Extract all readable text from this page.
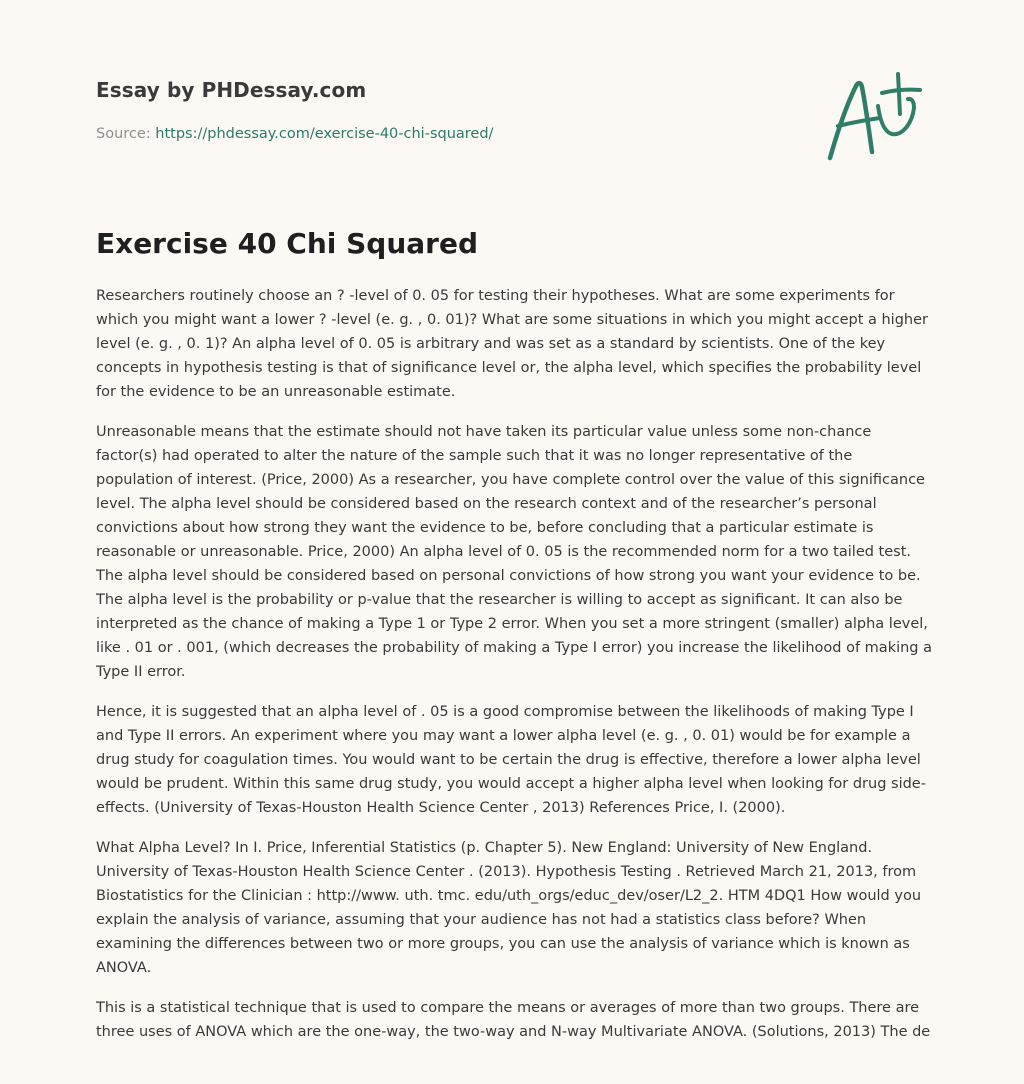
Essay by PHDessay.com
Source: https://phdessay.com/exercise-40-chi-squared/
Exercise 40 Chi Squared

Researchers routinely choose an ? -level of 0. 05 for testing their hypotheses. What are some experiments for which you might want a lower ? -level (e. g. , 0. 01)? What are some situations in which you might accept a higher level (e. g. , 0. 1)? An alpha level of 0. 05 is arbitrary and was set as a standard by scientists. One of the key concepts in hypothesis testing is that of significance level or, the alpha level, which specifies the probability level for the evidence to be an unreasonable estimate.

Unreasonable means that the estimate should not have taken its particular value unless some non-chance factor(s) had operated to alter the nature of the sample such that it was no longer representative of the population of interest. (Price, 2000) As a researcher, you have complete control over the value of this significance level. The alpha level should be considered based on the research context and of the researcher’s personal convictions about how strong they want the evidence to be, before concluding that a particular estimate is reasonable or unreasonable. Price, 2000) An alpha level of 0. 05 is the recommended norm for a two tailed test. The alpha level should be considered based on personal convictions of how strong you want your evidence to be. The alpha level is the probability or p-value that the researcher is willing to accept as significant. It can also be interpreted as the chance of making a Type 1 or Type 2 error. When you set a more stringent (smaller) alpha level, like . 01 or . 001, (which decreases the probability of making a Type I error) you increase the likelihood of making a Type II error.

Hence, it is suggested that an alpha level of . 05 is a good compromise between the likelihoods of making Type I and Type II errors. An experiment where you may want a lower alpha level (e. g. , 0. 01) would be for example a drug study for coagulation times. You would want to be certain the drug is effective, therefore a lower alpha level would be prudent. Within this same drug study, you would accept a higher alpha level when looking for drug side-effects. (University of Texas-Houston Health Science Center , 2013) References Price, I. (2000).

What Alpha Level? In I. Price, Inferential Statistics (p. Chapter 5). New England: University of New England. University of Texas-Houston Health Science Center . (2013). Hypothesis Testing . Retrieved March 21, 2013, from Biostatistics for the Clinician : http://www. uth. tmc. edu/uth_orgs/educ_dev/oser/L2_2. HTM 4DQ1 How would you explain the analysis of variance, assuming that your audience has not had a statistics class before? When examining the differences between two or more groups, you can use the analysis of variance which is known as ANOVA.

This is a statistical technique that is used to compare the means or averages of more than two groups. There are three uses of ANOVA which are the one-way, the two-way and N-way Multivariate ANOVA. (Solutions, 2013) The de
